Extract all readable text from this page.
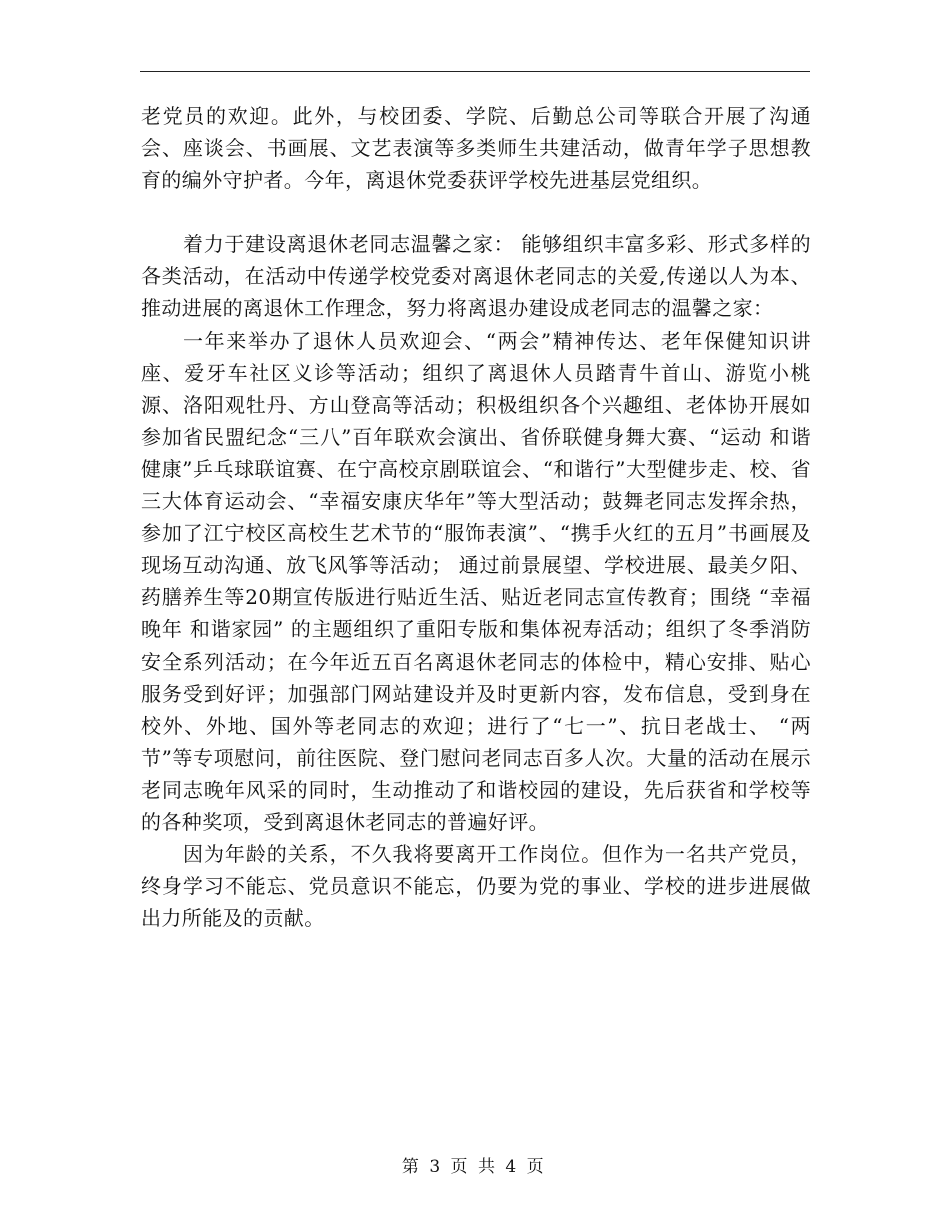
老党员的欢迎。此外，与校团委、学院、后勤总公司等联合开展了沟通会、座谈会、书画展、文艺表演等多类师生共建活动，做青年学子思想教育的编外守护者。今年，离退休党委获评学校先进基层党组织。

着力于建设离退休老同志温馨之家： 能够组织丰富多彩、形式多样的各类活动，在活动中传递学校党委对离退休老同志的关爱,传递以人为本、推动进展的离退休工作理念，努力将离退办建设成老同志的温馨之家：

一年来举办了退休人员欢迎会、“两会”精神传达、老年保健知识讲座、爱牙车社区义诊等活动；组织了离退休人员踏青牛首山、游览小桃源、洛阳观牡丹、方山登高等活动；积极组织各个兴趣组、老体协开展如参加省民盟纪念“三八”百年联欢会演出、省侨联健身舞大赛、“运动 和谐 健康”乒乓球联谊赛、在宁高校京剧联谊会、“和谐行”大型健步走、校、省三大体育运动会、“幸福安康庆华年”等大型活动；鼓舞老同志发挥余热，参加了江宁校区高校生艺术节的“服饰表演”、“携手火红的五月”书画展及现场互动沟通、放飞风筝等活动； 通过前景展望、学校进展、最美夕阳、药膳养生等20期宣传版进行贴近生活、贴近老同志宣传教育；围绕 “幸福晚年 和谐家园” 的主题组织了重阳专版和集体祝寿活动；组织了冬季消防安全系列活动；在今年近五百名离退休老同志的体检中，精心安排、贴心服务受到好评；加强部门网站建设并及时更新内容，发布信息，受到身在校外、外地、国外等老同志的欢迎；进行了“七一”、抗日老战士、 “两节”等专项慰问，前往医院、登门慰问老同志百多人次。大量的活动在展示老同志晚年风采的同时，生动推动了和谐校园的建设，先后获省和学校等的各种奖项，受到离退休老同志的普遍好评。

因为年龄的关系，不久我将要离开工作岗位。但作为一名共产党员，终身学习不能忘、党员意识不能忘，仍要为党的事业、学校的进步进展做出力所能及的贡献。

第 3 页 共 4 页
